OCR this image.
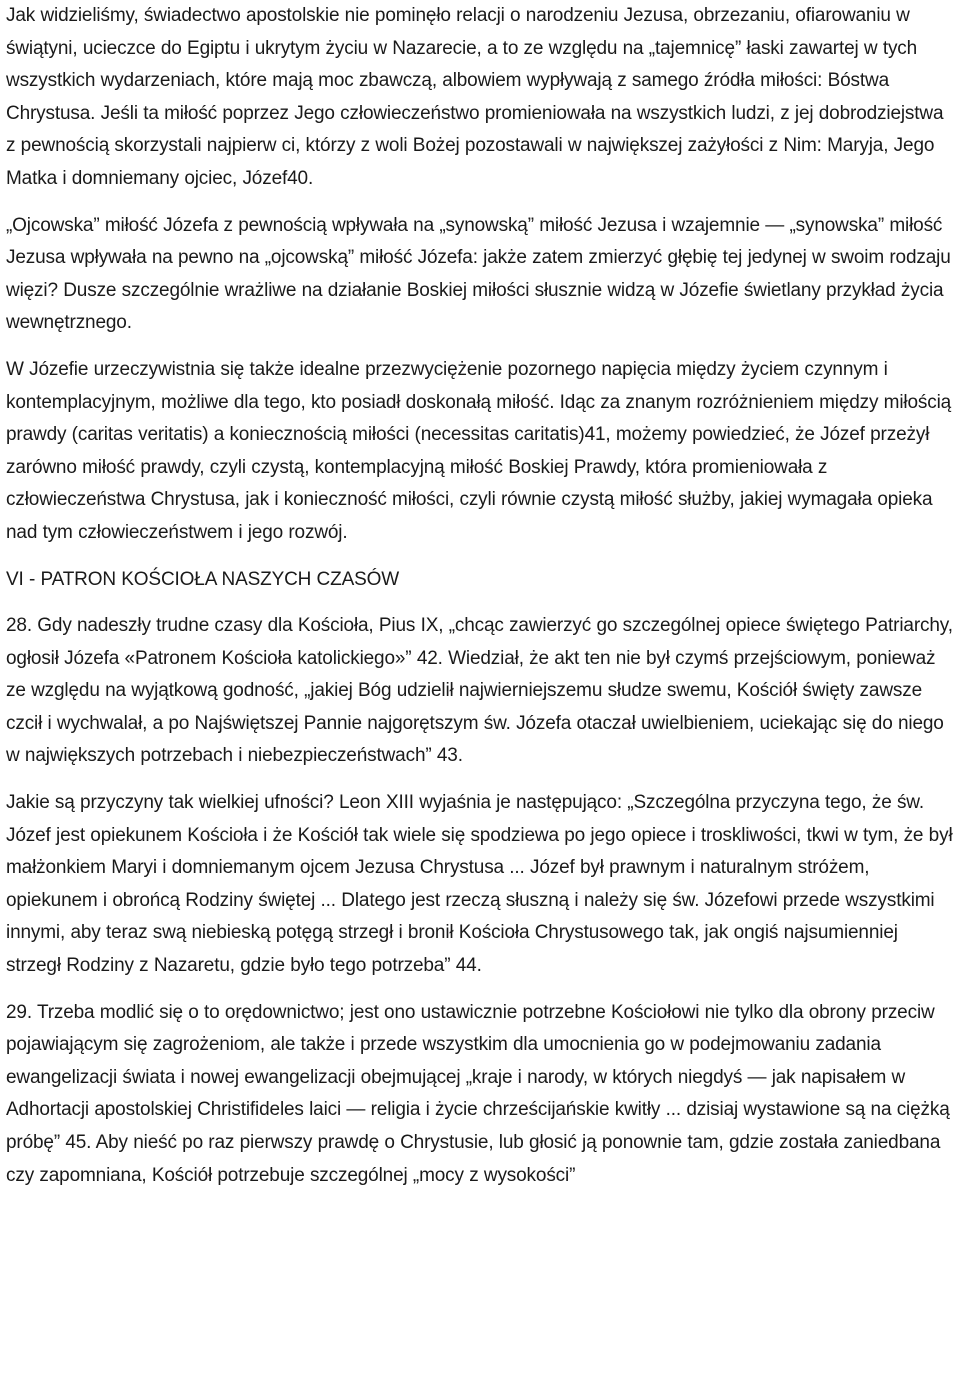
Jak widzieliśmy, świadectwo apostolskie nie pominęło relacji o narodzeniu Jezusa, obrzezaniu, ofiarowaniu w świątyni, ucieczce do Egiptu i ukrytym życiu w Nazarecie, a to ze względu na „tajemnicę” łaski zawartej w tych wszystkich wydarzeniach, które mają moc zbawczą, albowiem wypływają z samego źródła miłości: Bóstwa Chrystusa. Jeśli ta miłość poprzez Jego człowieczeństwo promieniowała na wszystkich ludzi, z jej dobrodziejstwa z pewnością skorzystali najpierw ci, którzy z woli Bożej pozostawali w największej zażyłości z Nim: Maryja, Jego Matka i domniemany ojciec, Józef40.

„Ojcowska” miłość Józefa z pewnością wpływała na „synowską” miłość Jezusa i wzajemnie — „synowska” miłość Jezusa wpływała na pewno na „ojcowską” miłość Józefa: jakże zatem zmierzyć głębię tej jedynej w swoim rodzaju więzi? Dusze szczególnie wrażliwe na działanie Boskiej miłości słusznie widzą w Józefie świetlany przykład życia wewnętrznego.

W Józefie urzeczywistnia się także idealne przezwyciężenie pozornego napięcia między życiem czynnym i kontemplacyjnym, możliwe dla tego, kto posiadł doskonałą miłość. Idąc za znanym rozróżnieniem między miłością prawdy (caritas veritatis) a koniecznością miłości (necessitas caritatis)41, możemy powiedzieć, że Józef przeżył zarówno miłość prawdy, czyli czystą, kontemplacyjną miłość Boskiej Prawdy, która promieniowała z człowieczeństwa Chrystusa, jak i konieczność miłości, czyli równie czystą miłość służby, jakiej wymagała opieka nad tym człowieczeństwem i jego rozwój.

VI - PATRON KOŚCIOŁA NASZYCH CZASÓW

28. Gdy nadeszły trudne czasy dla Kościoła, Pius IX, „chcąc zawierzyć go szczególnej opiece świętego Patriarchy, ogłosił Józefa «Patronem Kościoła katolickiego»” 42. Wiedział, że akt ten nie był czymś przejściowym, ponieważ ze względu na wyjątkową godność, „jakiej Bóg udzielił najwierniejszemu słudze swemu, Kościół święty zawsze czcił i wychwalał, a po Najświętszej Pannie najgorętszym św. Józefa otaczał uwielbieniem, uciekając się do niego w największych potrzebach i niebezpieczeństwach” 43.

Jakie są przyczyny tak wielkiej ufności? Leon XIII wyjaśnia je następująco: „Szczególna przyczyna tego, że św. Józef jest opiekunem Kościoła i że Kościół tak wiele się spodziewa po jego opiece i troskliwości, tkwi w tym, że był małżonkiem Maryi i domniemanym ojcem Jezusa Chrystusa ... Józef był prawnym i naturalnym stróżem, opiekunem i obrońcą Rodziny świętej ... Dlatego jest rzeczą słuszną i należy się św. Józefowi przede wszystkimi innymi, aby teraz swą niebieską potęgą strzegł i bronił Kościoła Chrystusowego tak, jak ongiś najsumienniej strzegł Rodziny z Nazaretu, gdzie było tego potrzeba” 44.

29. Trzeba modlić się o to orędownictwo; jest ono ustawicznie potrzebne Kościołowi nie tylko dla obrony przeciw pojawiającym się zagrożeniom, ale także i przede wszystkim dla umocnienia go w podejmowaniu zadania ewangelizacji świata i nowej ewangelizacji obejmującej „kraje i narody, w których niegdyś — jak napisałem w Adhortacji apostolskiej Christifideles laici — religia i życie chrześcijańskie kwitły ... dzisiaj wystawione są na ciężką próbę” 45. Aby nieść po raz pierwszy prawdę o Chrystusie, lub głosić ją ponownie tam, gdzie została zaniedbana czy zapomniana, Kościół potrzebuje szczególnej „mocy z wysokości”
